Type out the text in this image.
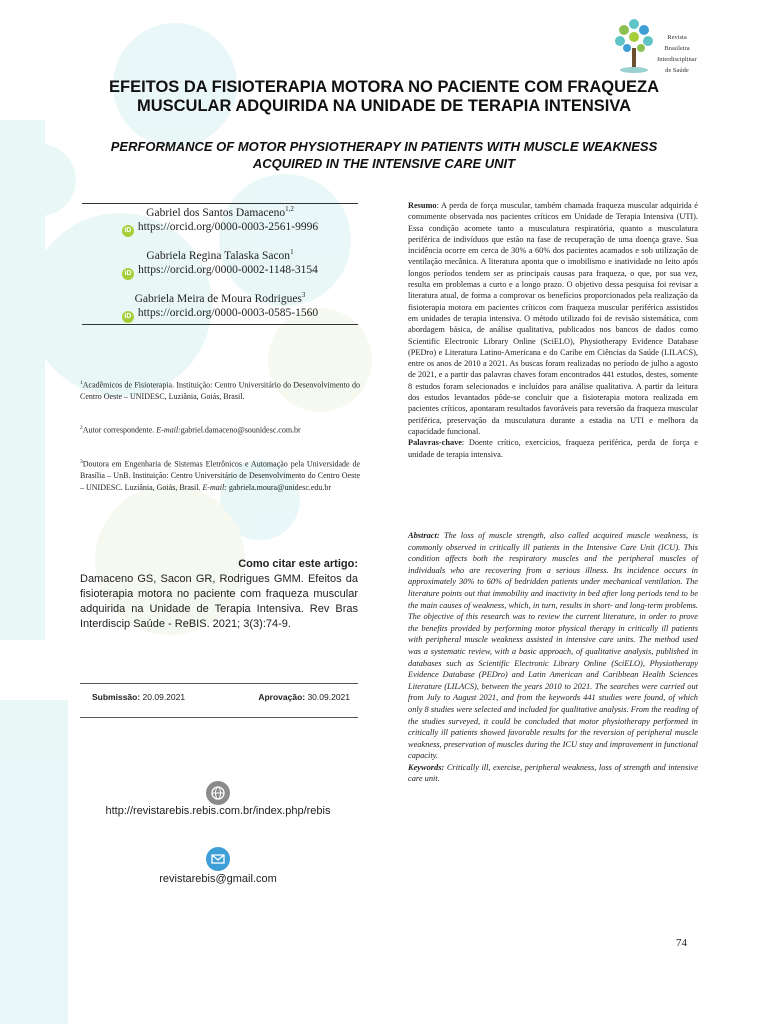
Revista Brasileira
Interdisciplinar
de Saúde
EFEITOS DA FISIOTERAPIA MOTORA NO PACIENTE COM FRAQUEZA MUSCULAR ADQUIRIDA NA UNIDADE DE TERAPIA INTENSIVA
PERFORMANCE OF MOTOR PHYSIOTHERAPY IN PATIENTS WITH MUSCLE WEAKNESS ACQUIRED IN THE INTENSIVE CARE UNIT
Gabriel dos Santos Damaceno$^{1,2}$
iD https://orcid.org/0000-0003-2561-9996
Gabriela Regina Talaska Sacon$^1$
iD https://orcid.org/0000-0002-1148-3154
Gabriela Meira de Moura Rodrigues$^3$
iD https://orcid.org/0000-0003-0585-1560
$^1$Acadêmicos de Fisioterapia. Instituição: Centro Universitário do Desenvolvimento do Centro Oeste – UNIDESC, Luziânia, Goiás, Brasil.
$^2$Autor correspondente. E-mail:gabriel.damaceno@sounidesc.com.br
$^3$Doutora em Engenharia de Sistemas Eletrônicos e Automação pela Universidade de Brasília – UnB. Instituição: Centro Universitário de Desenvolvimento do Centro Oeste – UNIDESC. Luziânia, Goiás, Brasil. E-mail: gabriela.moura@unidesc.edu.br
Como citar este artigo:
Damaceno GS, Sacon GR, Rodrigues GMM. Efeitos da fisioterapia motora no paciente com fraqueza muscular adquirida na Unidade de Terapia Intensiva. Rev Bras Interdiscip Saúde - ReBIS. 2021; 3(3):74-9.
Submissão: 20.09.2021	Aprovação: 30.09.2021
http://revistarebis.rebis.com.br/index.php/rebis
revistarebis@gmail.com
Resumo: A perda de força muscular, também chamada fraqueza muscular adquirida é comumente observada nos pacientes críticos em Unidade de Terapia Intensiva (UTI). Essa condição acomete tanto a musculatura respiratória, quanto a musculatura periférica de indivíduos que estão na fase de recuperação de uma doença grave. Sua incidência ocorre em cerca de 30% a 60% dos pacientes acamados e sob utilização de ventilação mecânica. A literatura aponta que o imobilismo e inatividade no leito após longos períodos tendem ser as principais causas para fraqueza, o que, por sua vez, resulta em problemas a curto e a longo prazo. O objetivo dessa pesquisa foi revisar a literatura atual, de forma a comprovar os benefícios proporcionados pela realização da fisioterapia motora em pacientes críticos com fraqueza muscular periférica assistidos em unidades de terapia intensiva. O método utilizado foi de revisão sistemática, com abordagem básica, de análise qualitativa, publicados nos bancos de dados como Scientific Electronic Library Online (SciELO), Physiotherapy Evidence Database (PEDro) e Literatura Latino-Americana e do Caribe em Ciências da Saúde (LILACS), entre os anos de 2010 a 2021. As buscas foram realizadas no período de julho a agosto de 2021, e a partir das palavras chaves foram encontrados 441 estudos, destes, somente 8 estudos foram selecionados e incluídos para análise qualitativa. A partir da leitura dos estudos levantados pôde-se concluir que a fisioterapia motora realizada em pacientes críticos, apontaram resultados favoráveis para reversão da fraqueza muscular periférica, preservação da musculatura durante a estadia na UTI e melhora da capacidade funcional.
Palavras-chave: Doente crítico, exercícios, fraqueza periférica, perda de força e unidade de terapia intensiva.
Abstract: The loss of muscle strength, also called acquired muscle weakness, is commonly observed in critically ill patients in the Intensive Care Unit (ICU). This condition affects both the respiratory muscles and the peripheral muscles of individuals who are recovering from a serious illness. Its incidence occurs in approximately 30% to 60% of bedridden patients under mechanical ventilation. The literature points out that immobility and inactivity in bed after long periods tend to be the main causes of weakness, which, in turn, results in short- and long-term problems. The objective of this research was to review the current literature, in order to prove the benefits provided by performing motor physical therapy in critically ill patients with peripheral muscle weakness assisted in intensive care units. The method used was a systematic review, with a basic approach, of qualitative analysis, published in databases such as Scientific Electronic Library Online (SciELO), Physiotherapy Evidence Database (PEDro) and Latin American and Caribbean Health Sciences Literature (LILACS), between the years 2010 to 2021. The searches were carried out from July to August 2021, and from the keywords 441 studies were found, of which only 8 studies were selected and included for qualitative analysis. From the reading of the studies surveyed, it could be concluded that motor physiotherapy performed in critically ill patients showed favorable results for the reversion of peripheral muscle weakness, preservation of muscles during the ICU stay and improvement in functional capacity.
Keywords: Critically ill, exercise, peripheral weakness, loss of strength and intensive care unit.
74
